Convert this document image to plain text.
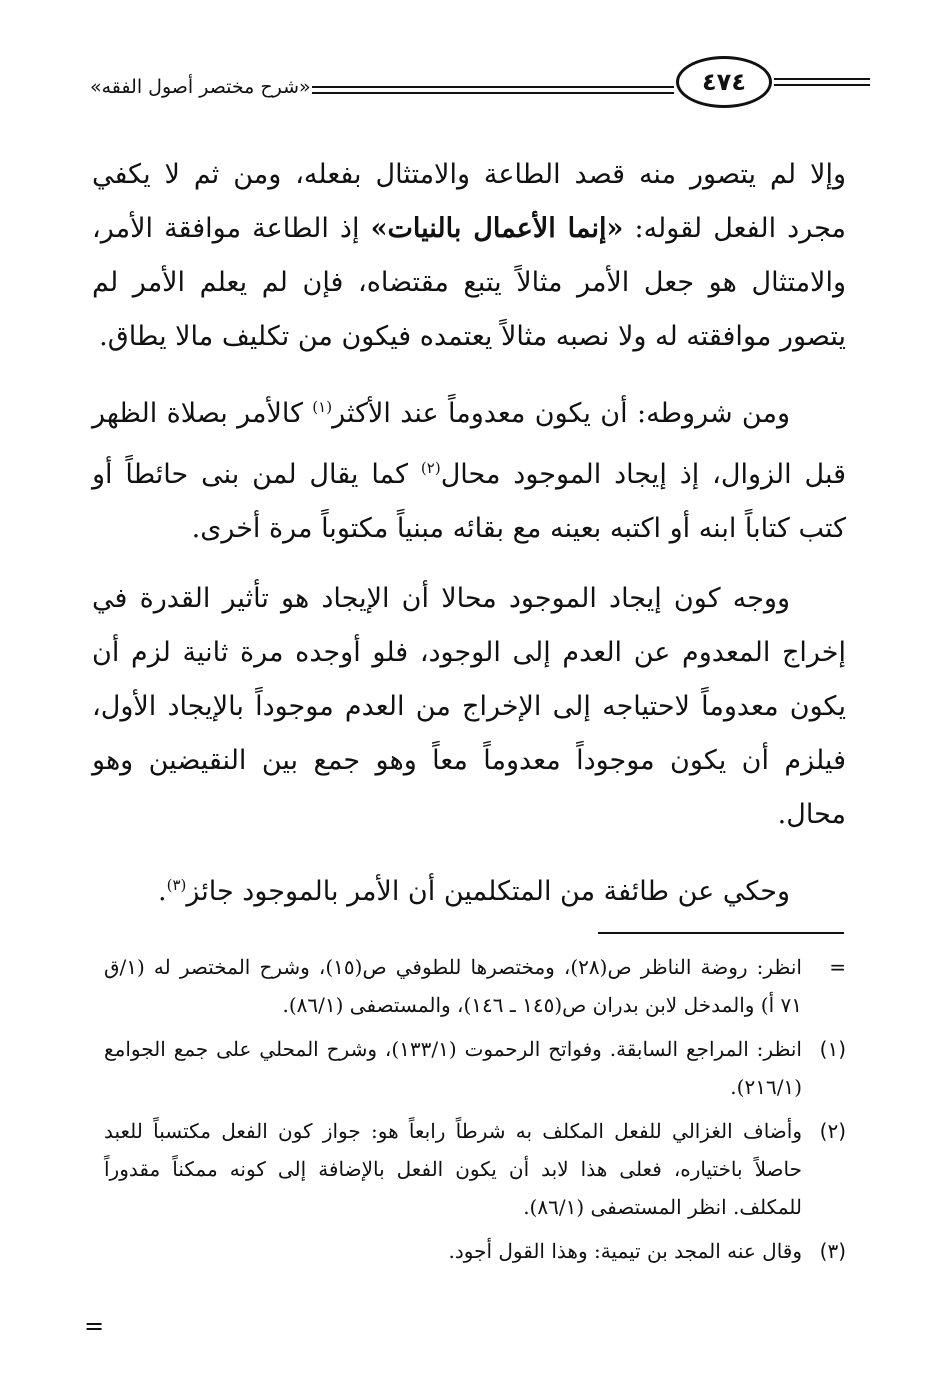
«شرح مختصر أصول الفقه»	٤٧٤

وإلا لم يتصور منه قصد الطاعة والامتثال بفعله، ومن ثم لا يكفي مجرد الفعل لقوله: «إنما الأعمال بالنيات» إذ الطاعة موافقة الأمر، والامتثال هو جعل الأمر مثالاً يتبع مقتضاه، فإن لم يعلم الأمر لم يتصور موافقته له ولا نصبه مثالاً يعتمده فيكون من تكليف مالا يطاق.

ومن شروطه: أن يكون معدوماً عند الأكثر$^{(١)}$ كالأمر بصلاة الظهر قبل الزوال، إذ إيجاد الموجود محال$^{(٢)}$ كما يقال لمن بنى حائطاً أو كتب كتاباً ابنه أو اكتبه بعينه مع بقائه مبنياً مكتوباً مرة أخرى.

ووجه كون إيجاد الموجود محالا أن الإيجاد هو تأثير القدرة في إخراج المعدوم عن العدم إلى الوجود، فلو أوجده مرة ثانية لزم أن يكون معدوماً لاحتياجه إلى الإخراج من العدم موجوداً بالإيجاد الأول، فيلزم أن يكون موجوداً معدوماً معاً وهو جمع بين النقيضين وهو محال.

وحكي عن طائفة من المتكلمين أن الأمر بالموجود جائز$^{(٣)}$.

=
انظر: روضة الناظر ص(٢٨)، ومختصرها للطوفي ص(١٥)، وشرح المختصر له (١/ق ٧١ أ) والمدخل لابن بدران ص(١٤٥ ـ ١٤٦)، والمستصفى (٨٦/١).
(١)
انظر: المراجع السابقة. وفواتح الرحموت (١٣٣/١)، وشرح المحلي على جمع الجوامع (٢١٦/١).
(٢)
وأضاف الغزالي للفعل المكلف به شرطاً رابعاً هو: جواز كون الفعل مكتسباً للعبد حاصلاً باختياره، فعلى هذا لابد أن يكون الفعل بالإضافة إلى كونه ممكناً مقدوراً للمكلف. انظر المستصفى (٨٦/١).
(٣)
وقال عنه المجد بن تيمية: وهذا القول أجود.
=
